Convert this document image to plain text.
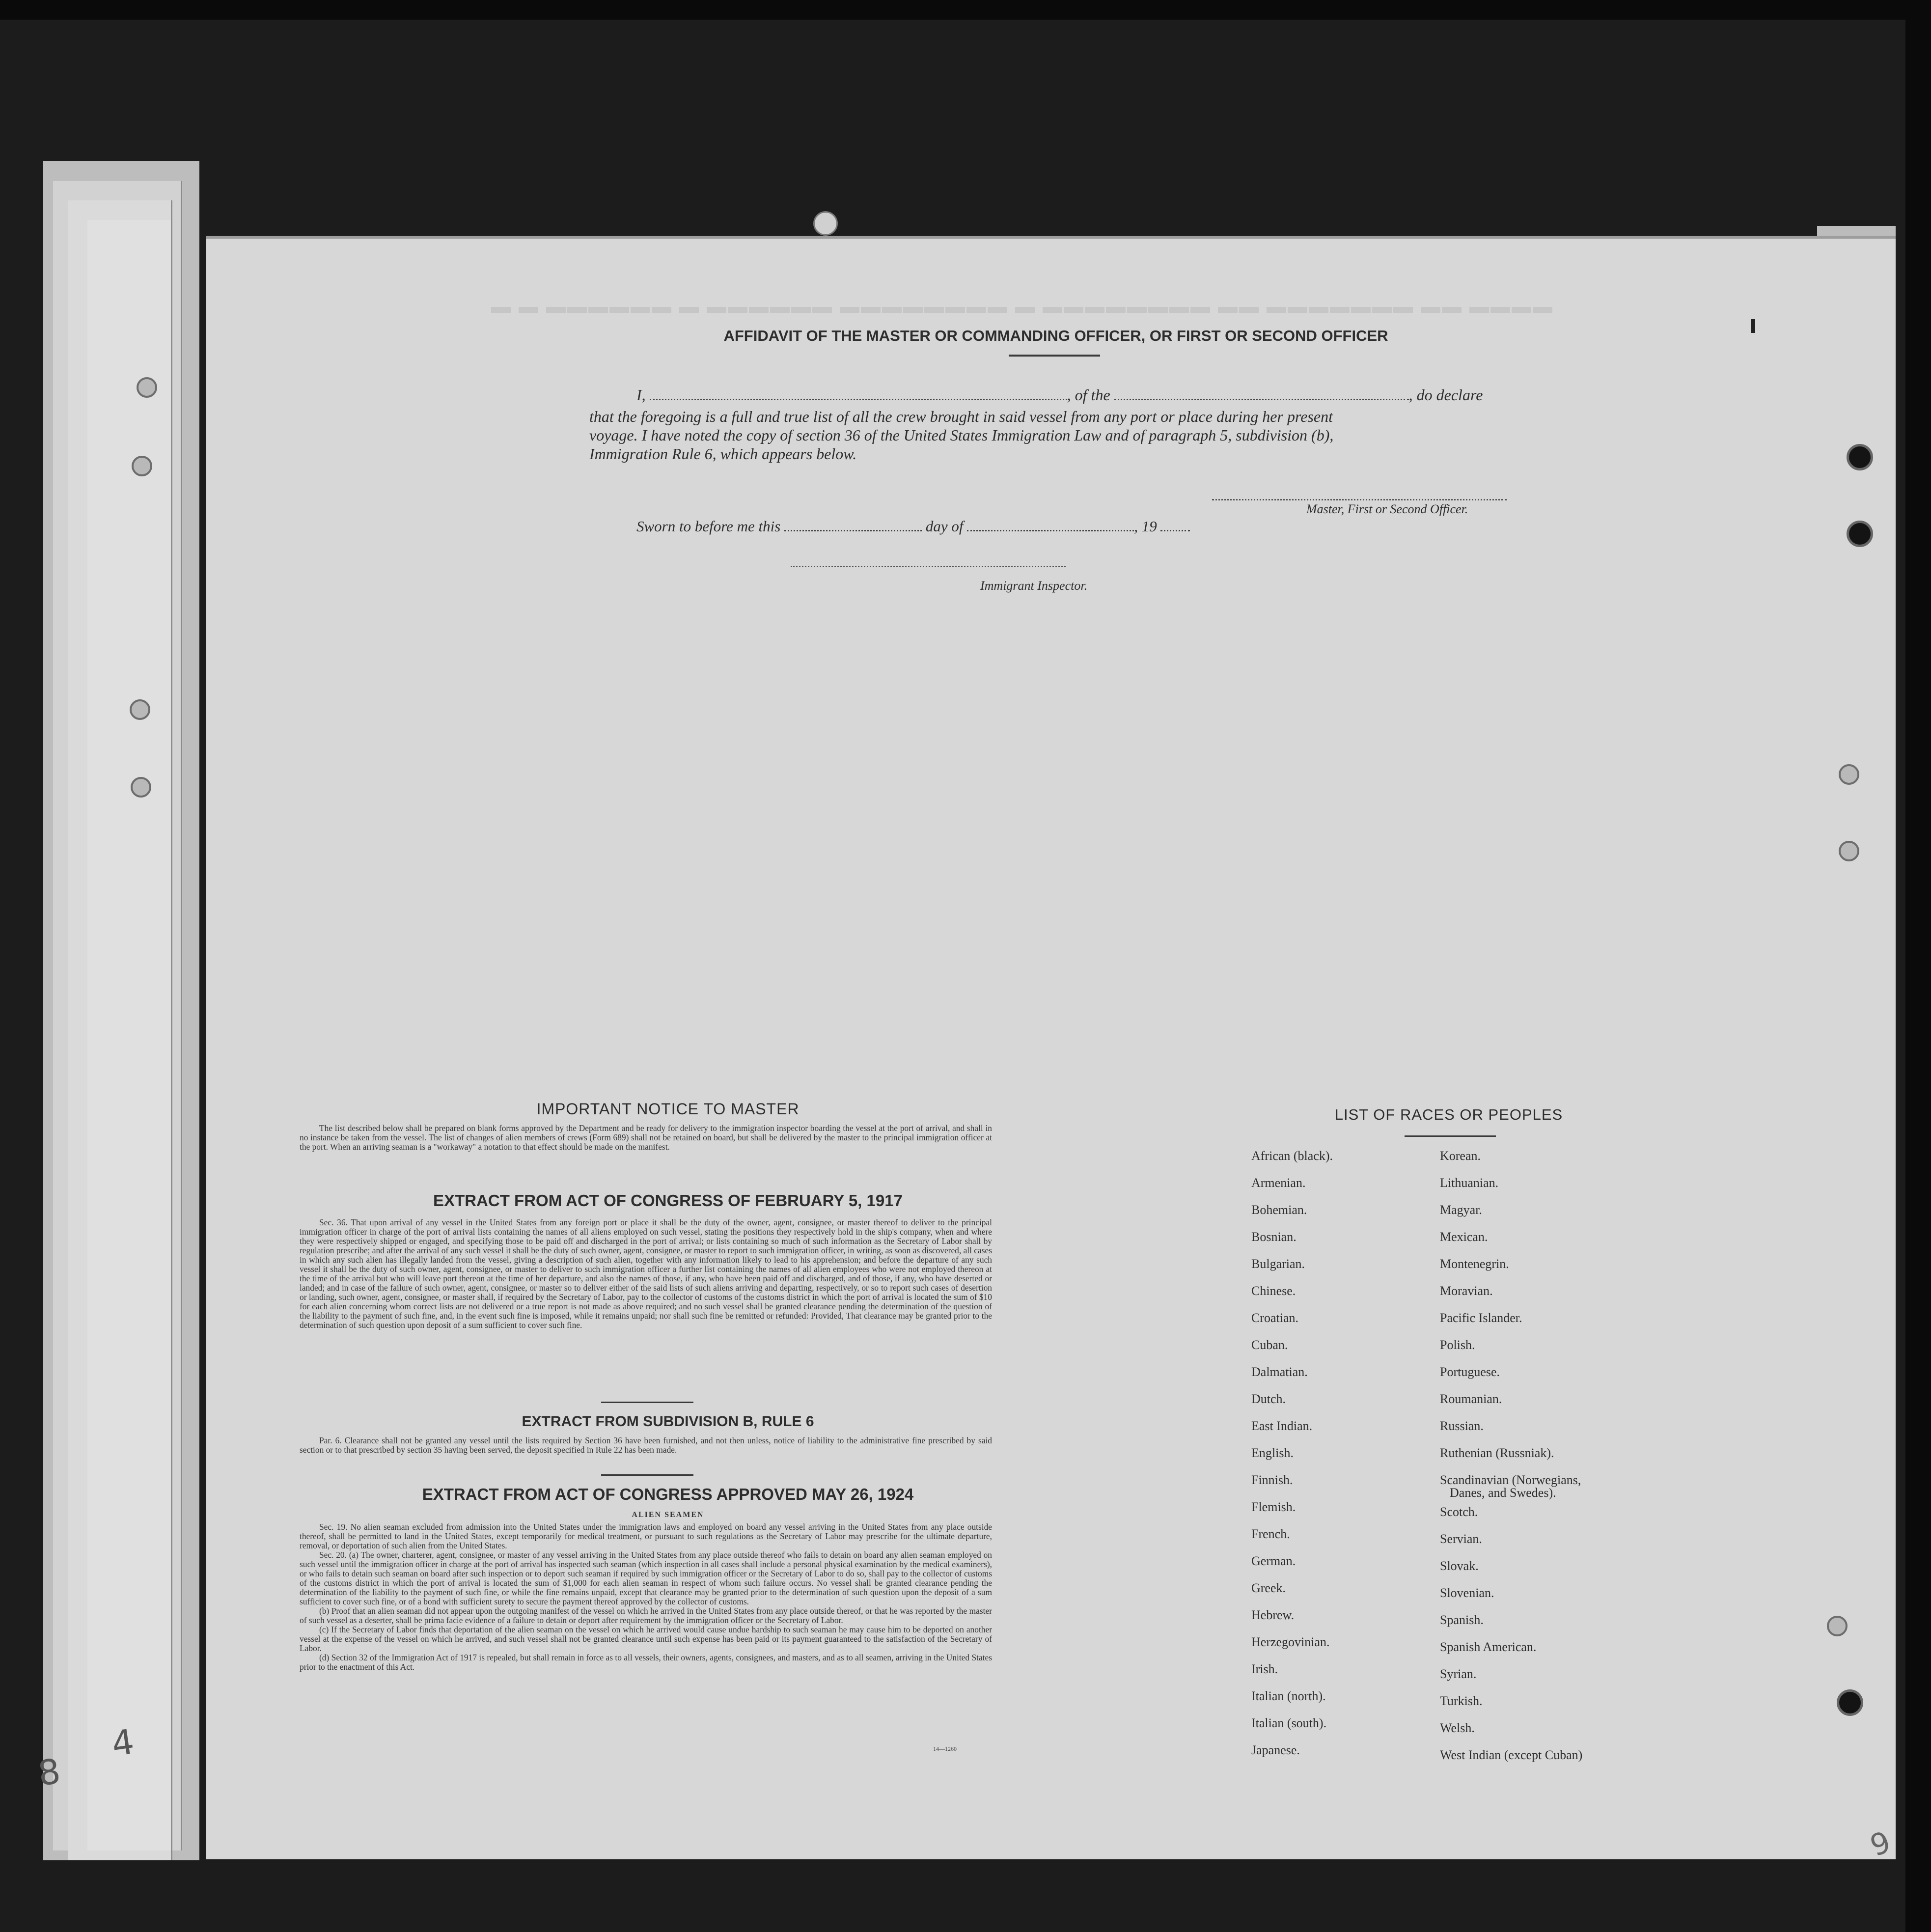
8
4
▬ ▬ ▬▬▬▬▬▬ ▬ ▬▬▬▬▬▬ ▬▬▬▬▬▬▬▬ ▬ ▬▬▬▬▬▬▬▬ ▬▬ ▬▬▬▬▬▬▬ ▬▬ ▬▬▬▬
AFFIDAVIT OF THE MASTER OR COMMANDING OFFICER, OR FIRST OR SECOND OFFICER
I,	, of the	, do declare
that the foregoing is a full and true list of all the crew brought in said vessel from any port or place during her present
voyage. I have noted the copy of section 36 of the United States Immigration Law and of paragraph 5, subdivision (b),
Immigration Rule 6, which appears below.
Master, First or Second Officer.
Sworn to before me this	day of	, 19
Immigrant Inspector.
IMPORTANT NOTICE TO MASTER

The list described below shall be prepared on blank forms approved by the Department and be ready for delivery to the immigration inspector boarding the vessel at the port of arrival, and shall in no instance be taken from the vessel. The list of changes of alien members of crews (Form 689) shall not be retained on board, but shall be delivered by the master to the principal immigration officer at the port. When an arriving seaman is a "workaway" a notation to that effect should be made on the manifest.

EXTRACT FROM ACT OF CONGRESS OF FEBRUARY 5, 1917

Sec. 36. That upon arrival of any vessel in the United States from any foreign port or place it shall be the duty of the owner, agent, consignee, or master thereof to deliver to the principal immigration officer in charge of the port of arrival lists containing the names of all aliens employed on such vessel, stating the positions they respectively hold in the ship's company, when and where they were respectively shipped or engaged, and specifying those to be paid off and discharged in the port of arrival; or lists containing so much of such information as the Secretary of Labor shall by regulation prescribe; and after the arrival of any such vessel it shall be the duty of such owner, agent, consignee, or master to report to such immigration officer, in writing, as soon as discovered, all cases in which any such alien has illegally landed from the vessel, giving a description of such alien, together with any information likely to lead to his apprehension; and before the departure of any such vessel it shall be the duty of such owner, agent, consignee, or master to deliver to such immigration officer a further list containing the names of all alien employees who were not employed thereon at the time of the arrival but who will leave port thereon at the time of her departure, and also the names of those, if any, who have been paid off and discharged, and of those, if any, who have deserted or landed; and in case of the failure of such owner, agent, consignee, or master so to deliver either of the said lists of such aliens arriving and departing, respectively, or so to report such cases of desertion or landing, such owner, agent, consignee, or master shall, if required by the Secretary of Labor, pay to the collector of customs of the customs district in which the port of arrival is located the sum of $10 for each alien concerning whom correct lists are not delivered or a true report is not made as above required; and no such vessel shall be granted clearance pending the determination of the question of the liability to the payment of such fine, and, in the event such fine is imposed, while it remains unpaid; nor shall such fine be remitted or refunded: Provided, That clearance may be granted prior to the determination of such question upon deposit of a sum sufficient to cover such fine.

EXTRACT FROM SUBDIVISION B, RULE 6

Par. 6. Clearance shall not be granted any vessel until the lists required by Section 36 have been furnished, and not then unless, notice of liability to the administrative fine prescribed by said section or to that prescribed by section 35 having been served, the deposit specified in Rule 22 has been made.

EXTRACT FROM ACT OF CONGRESS APPROVED MAY 26, 1924
ALIEN SEAMEN

Sec. 19. No alien seaman excluded from admission into the United States under the immigration laws and employed on board any vessel arriving in the United States from any place outside thereof, shall be permitted to land in the United States, except temporarily for medical treatment, or pursuant to such regulations as the Secretary of Labor may prescribe for the ultimate departure, removal, or deportation of such alien from the United States.

Sec. 20. (a) The owner, charterer, agent, consignee, or master of any vessel arriving in the United States from any place outside thereof who fails to detain on board any alien seaman employed on such vessel until the immigration officer in charge at the port of arrival has inspected such seaman (which inspection in all cases shall include a personal physical examination by the medical examiners), or who fails to detain such seaman on board after such inspection or to deport such seaman if required by such immigration officer or the Secretary of Labor to do so, shall pay to the collector of customs of the customs district in which the port of arrival is located the sum of $1,000 for each alien seaman in respect of whom such failure occurs. No vessel shall be granted clearance pending the determination of the liability to the payment of such fine, or while the fine remains unpaid, except that clearance may be granted prior to the determination of such question upon the deposit of a sum sufficient to cover such fine, or of a bond with sufficient surety to secure the payment thereof approved by the collector of customs.

(b) Proof that an alien seaman did not appear upon the outgoing manifest of the vessel on which he arrived in the United States from any place outside thereof, or that he was reported by the master of such vessel as a deserter, shall be prima facie evidence of a failure to detain or deport after requirement by the immigration officer or the Secretary of Labor.

(c) If the Secretary of Labor finds that deportation of the alien seaman on the vessel on which he arrived would cause undue hardship to such seaman he may cause him to be deported on another vessel at the expense of the vessel on which he arrived, and such vessel shall not be granted clearance until such expense has been paid or its payment guaranteed to the satisfaction of the Secretary of Labor.

(d) Section 32 of the Immigration Act of 1917 is repealed, but shall remain in force as to all vessels, their owners, agents, consignees, and masters, and as to all seamen, arriving in the United States prior to the enactment of this Act.

14—1260
LIST OF RACES OR PEOPLES
African (black).
Armenian.
Bohemian.
Bosnian.
Bulgarian.
Chinese.
Croatian.
Cuban.
Dalmatian.
Dutch.
East Indian.
English.
Finnish.
Flemish.
French.
German.
Greek.
Hebrew.
Herzegovinian.
Irish.
Italian (north).
Italian (south).
Japanese.
Korean.
Lithuanian.
Magyar.
Mexican.
Montenegrin.
Moravian.
Pacific Islander.
Polish.
Portuguese.
Roumanian.
Russian.
Ruthenian (Russniak).
Scandinavian (Norwegians,
Danes, and Swedes).
Scotch.
Servian.
Slovak.
Slovenian.
Spanish.
Spanish American.
Syrian.
Turkish.
Welsh.
West Indian (except Cuban)
9
